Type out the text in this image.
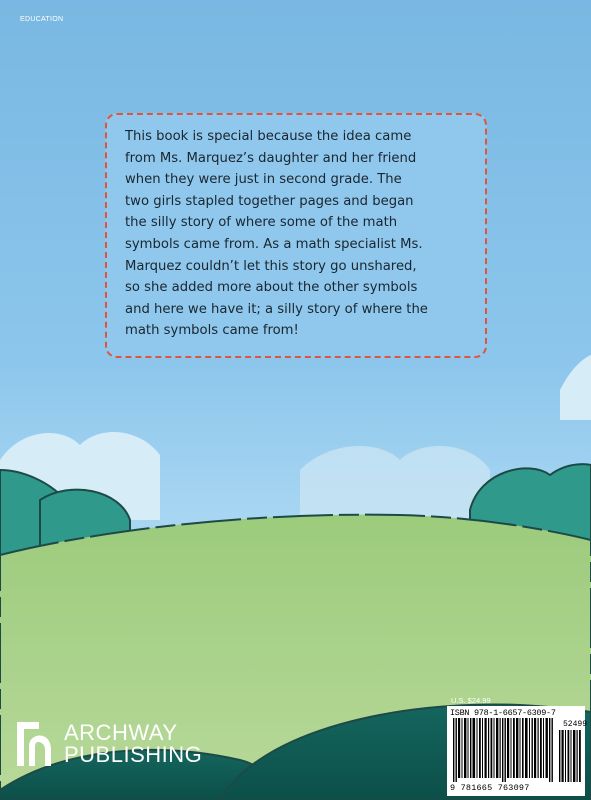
EDUCATION

This book is special because the idea came
from Ms. Marquez’s daughter and her friend
when they were just in second grade. The
two girls stapled together pages and began
the silly story of where some of the math
symbols came from. As a math specialist Ms.
Marquez couldn’t let this story go unshared,
so she added more about the other symbols
and here we have it; a silly story of where the
math symbols came from!

ARCHWAY
PUBLISHING
U.S. $24.99
ISBN 978-1-6657-6309-7
52499
9 781665 763097
